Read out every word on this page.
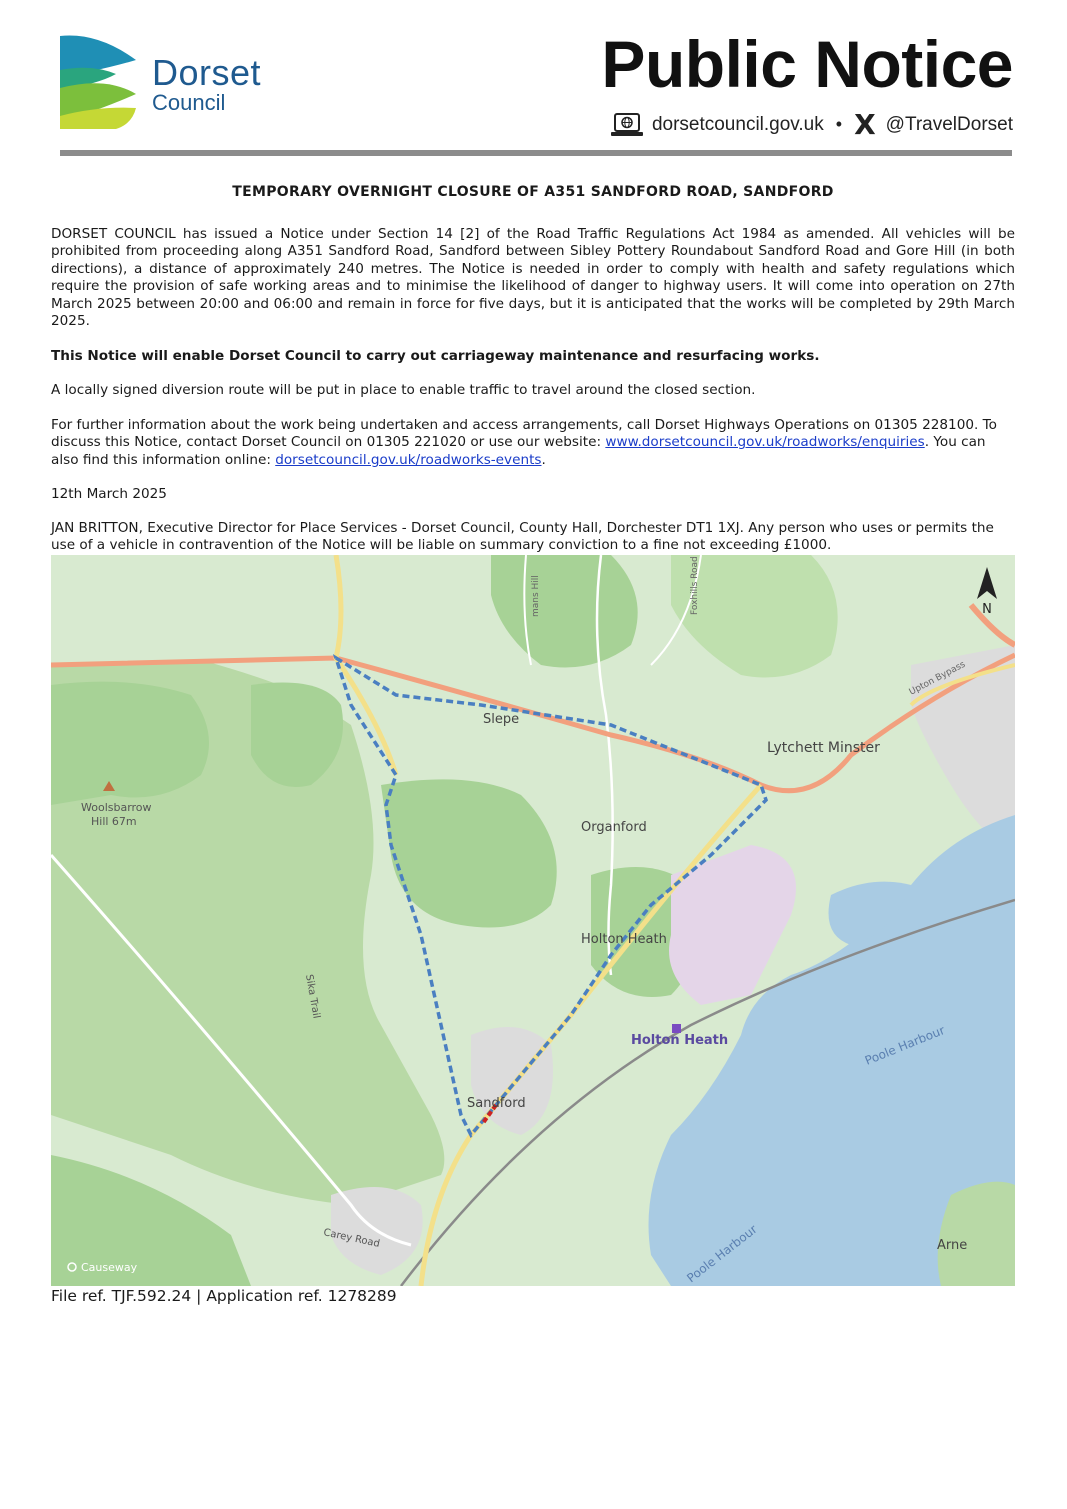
Dorset
Council
Public Notice
dorsetcouncil.gov.uk • X @TravelDorset
TEMPORARY OVERNIGHT CLOSURE OF A351 SANDFORD ROAD, SANDFORD

DORSET COUNCIL has issued a Notice under Section 14 [2] of the Road Traffic Regulations Act 1984 as amended. All vehicles will be prohibited from proceeding along A351 Sandford Road, Sandford between Sibley Pottery Roundabout Sandford Road and Gore Hill (in both directions), a distance of approximately 240 metres. The Notice is needed in order to comply with health and safety regulations which require the provision of safe working areas and to minimise the likelihood of danger to highway users. It will come into operation on 27th March 2025 between 20:00 and 06:00 and remain in force for five days, but it is anticipated that the works will be completed by 29th March 2025.

This Notice will enable Dorset Council to carry out carriageway maintenance and resurfacing works.

A locally signed diversion route will be put in place to enable traffic to travel around the closed section.

For further information about the work being undertaken and access arrangements, call Dorset Highways Operations on 01305 228100. To discuss this Notice, contact Dorset Council on 01305 221020 or use our website: www.dorsetcouncil.gov.uk/roadworks/enquiries. You can also find this information online: dorsetcouncil.gov.uk/roadworks-events.

12th March 2025

JAN BRITTON, Executive Director for Place Services - Dorset Council, County Hall, Dorchester DT1 1XJ. Any person who uses or permits the use of a vehicle in contravention of the Notice will be liable on summary conviction to a fine not exceeding £1000.

N
Slepe
Lytchett Minster
Organford
Holton Heath
Holton Heath
Sandford
Woolsbarrow
Hill 67m
Sika Trail
Carey Road
Poole Harbour
Poole Harbour	Arne
Upton Bypass
Foxhills Road
mans Hill
Causeway
File ref. TJF.592.24 | Application ref. 1278289
